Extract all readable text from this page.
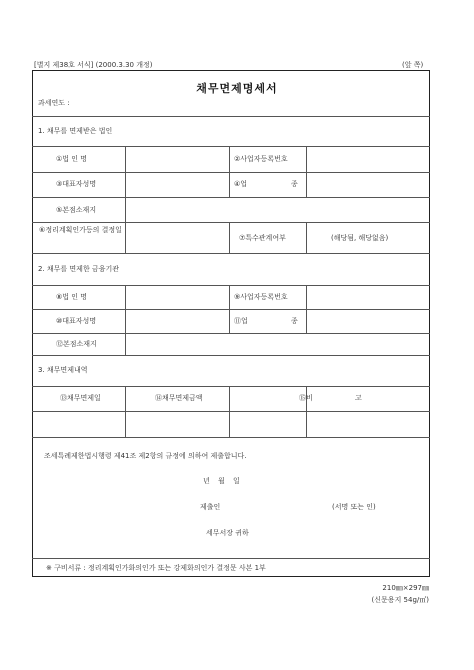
[별지 제38호 서식] (2000.3.30 개정)	(앞 쪽)
채무면제명세서
과세연도 :
1. 채무를 면제받은 법인
①법 인 명	②사업자등록번호
③대표자성명	④업	종
⑤본점소재지
⑥정리계획인가등의 결정일
⑦특수관계여부	(해당됨, 해당없음)
2. 채무를 면제한 금융기관
⑧법 인 명	⑨사업자등록번호
⑩대표자성명	⑪업	종
⑫본점소재지
3. 채무면제내역
⑬채무면제일	⑭채무면제금액	⑮비	고
조세특례제한법시행령 제41조 제2항의 규정에 의하여 제출합니다.
년 월 일
제출인	(서명 또는 인)
세무서장 귀하
※ 구비서류 : 정리계획인가화의인가 또는 강제화의인가 결정문 사본 1부
210㎜×297㎜
(신문용지 54g/㎡)
